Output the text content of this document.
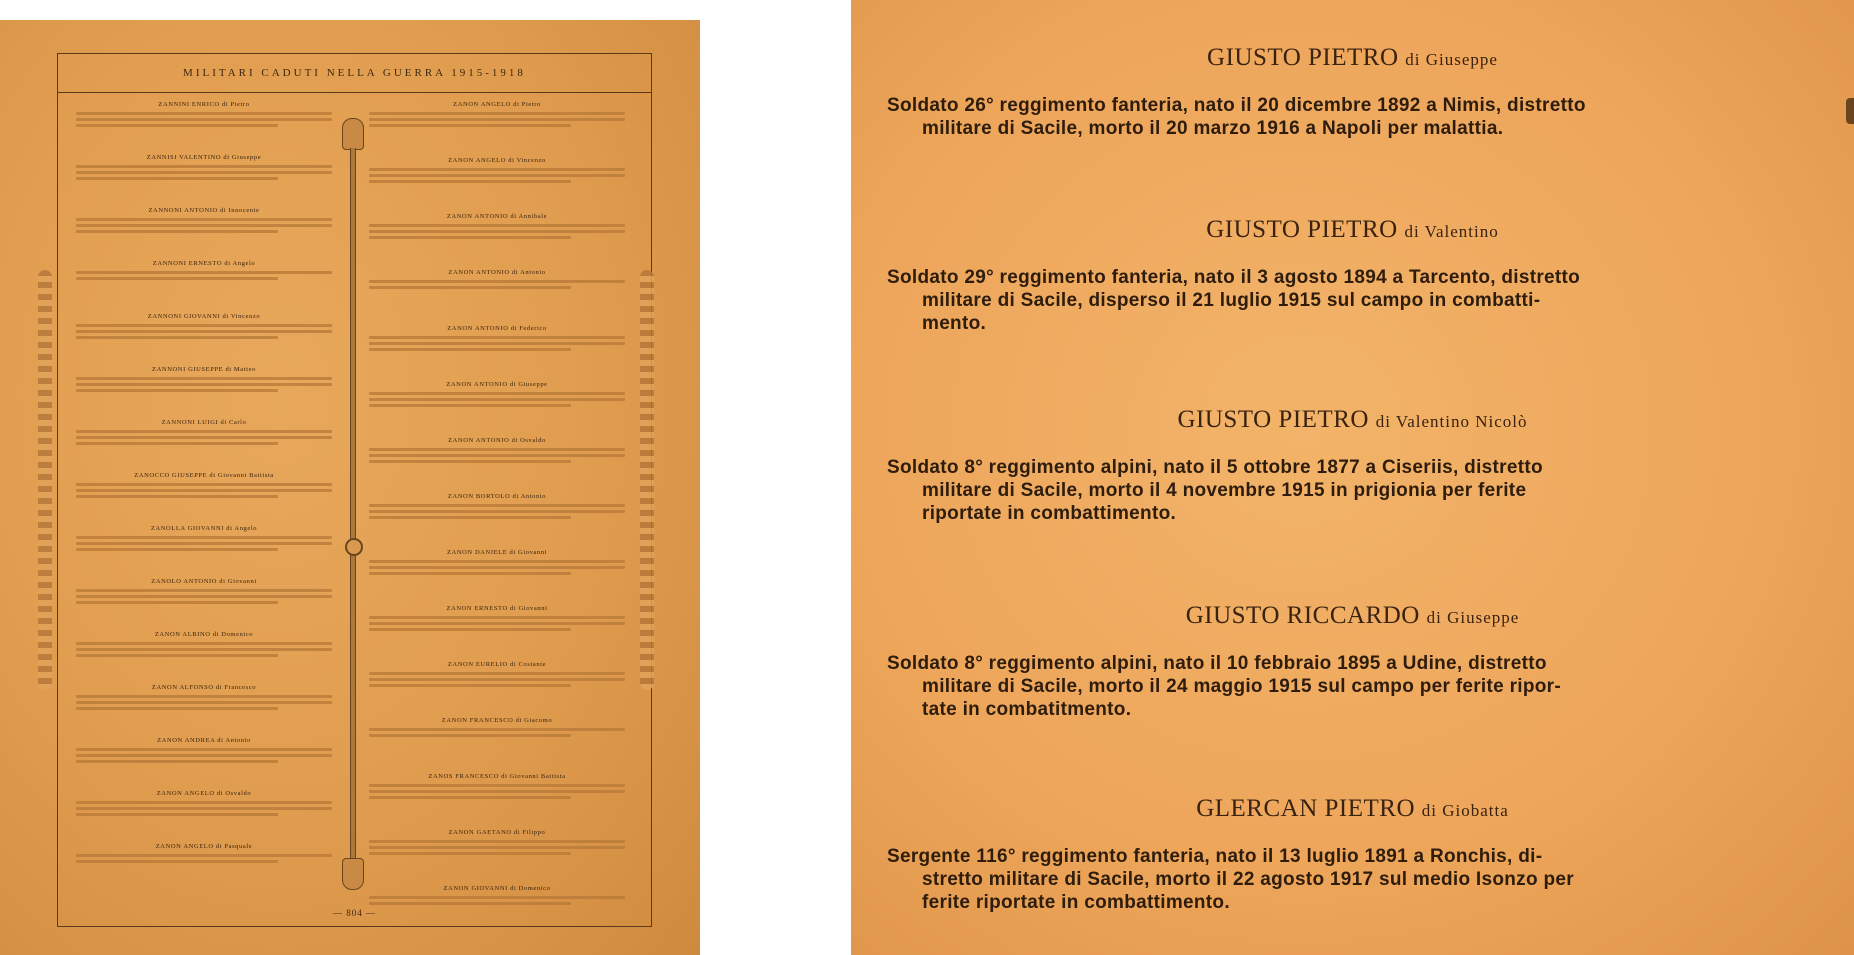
MILITARI CADUTI NELLA GUERRA 1915-1918
ZANNINI ENRICO di Pietro
ZANNISI VALENTINO di Giuseppe
ZANNONI ANTONIO di Innocente
ZANNONI ERNESTO di Angelo
ZANNONI GIOVANNI di Vincenzo
ZANNONI GIUSEPPE di Matteo
ZANNONI LUIGI di Carlo
ZANOCCO GIUSEPPE di Giovanni Battista
ZANOLLA GIOVANNI di Angelo
ZANOLO ANTONIO di Giovanni
ZANON ALBINO di Domenico
ZANON ALFONSO di Francesco
ZANON ANDREA di Antonio
ZANON ANGELO di Osvaldo
ZANON ANGELO di Pasquale
ZANON ANGELO di Pietro
ZANON ANGELO di Vincenzo
ZANON ANTONIO di Annibale
ZANON ANTONIO di Antonio
ZANON ANTONIO di Federico
ZANON ANTONIO di Giuseppe
ZANON ANTONIO di Osvaldo
ZANON BORTOLO di Antonio
ZANON DANIELE di Giovanni
ZANON ERNESTO di Giovanni
ZANON EURELIO di Costante
ZANON FRANCESCO di Giacomo
ZANOS FRANCESCO di Giovanni Battista
ZANON GAETANO di Filippo
ZANON GIOVANNI di Domenico
— 804 —
GIUSTO PIETRO di Giuseppe
Soldato 26° reggimento fanteria, nato il 20 dicembre 1892 a Nimis, distretto
militare di Sacile, morto il 20 marzo 1916 a Napoli per malattia.
GIUSTO PIETRO di Valentino
Soldato 29° reggimento fanteria, nato il 3 agosto 1894 a Tarcento, distretto
militare di Sacile, disperso il 21 luglio 1915 sul campo in combatti-
mento.
GIUSTO PIETRO di Valentino Nicolò
Soldato 8° reggimento alpini, nato il 5 ottobre 1877 a Ciseriis, distretto
militare di Sacile, morto il 4 novembre 1915 in prigionia per ferite
riportate in combattimento.
GIUSTO RICCARDO di Giuseppe
Soldato 8° reggimento alpini, nato il 10 febbraio 1895 a Udine, distretto
militare di Sacile, morto il 24 maggio 1915 sul campo per ferite ripor-
tate in combatitmento.
GLERCAN PIETRO di Giobatta
Sergente 116° reggimento fanteria, nato il 13 luglio 1891 a Ronchis, di-
stretto militare di Sacile, morto il 22 agosto 1917 sul medio Isonzo per
ferite riportate in combattimento.
